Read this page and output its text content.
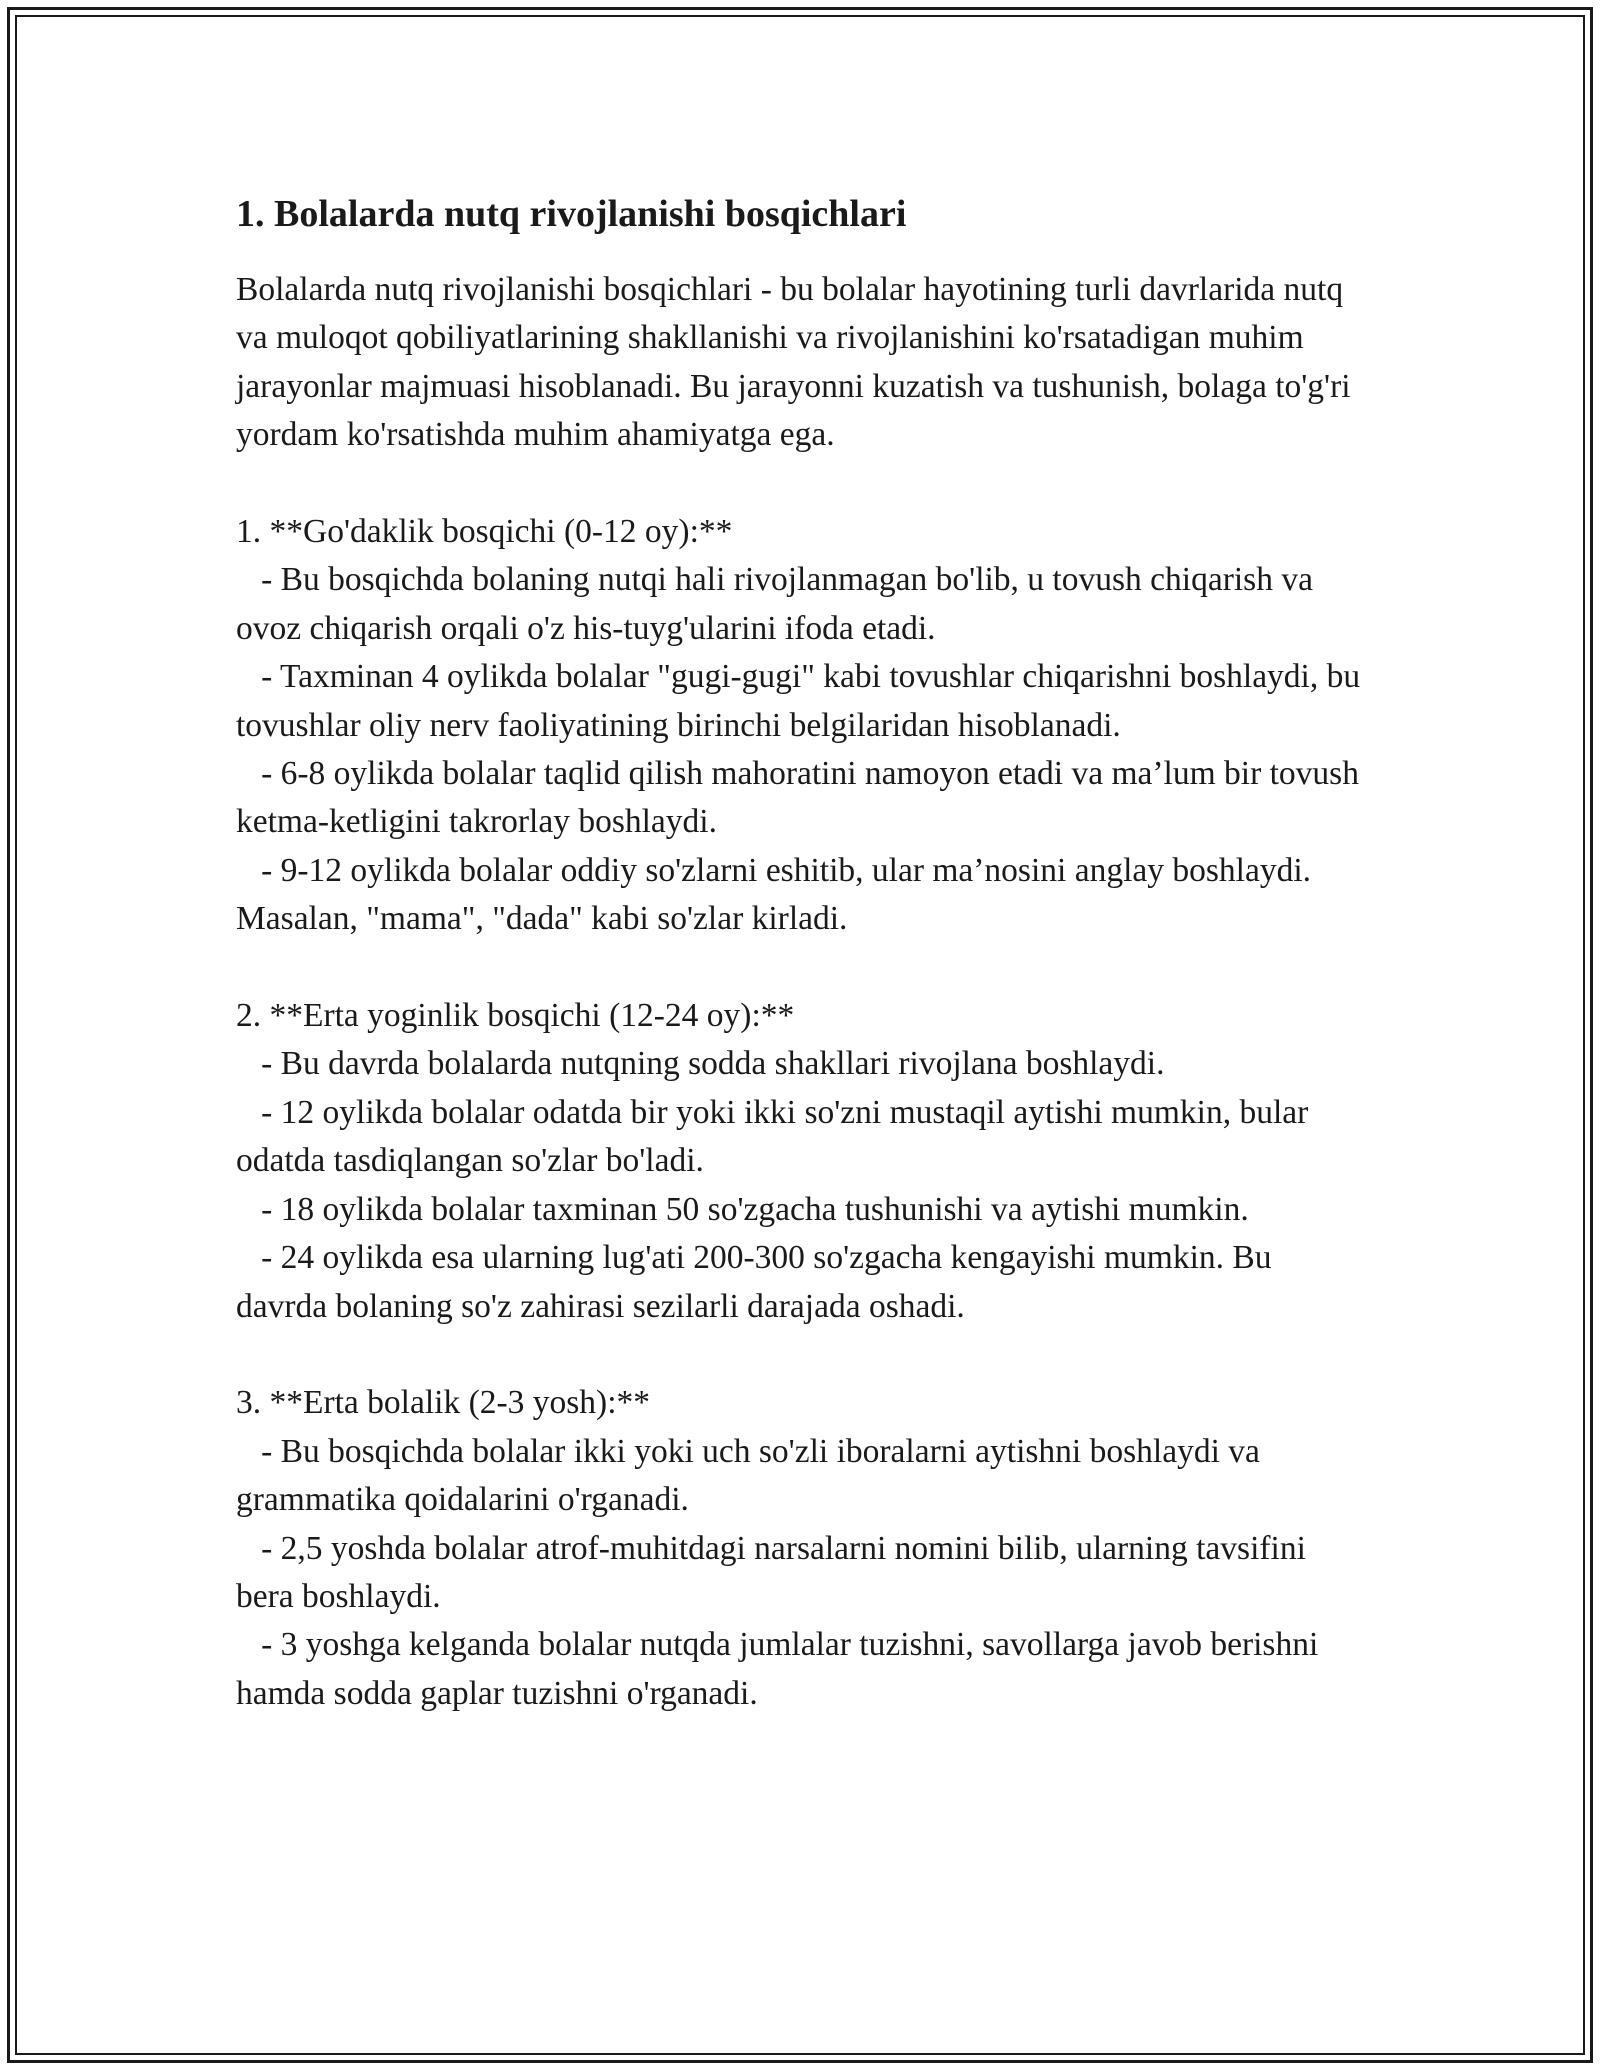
1. Bolalarda nutq rivojlanishi bosqichlari

Bolalarda nutq rivojlanishi bosqichlari - bu bolalar hayotining turli davrlarida nutq va muloqot qobiliyatlarining shakllanishi va rivojlanishini ko'rsatadigan muhim jarayonlar majmuasi hisoblanadi. Bu jarayonni kuzatish va tushunish, bolaga to'g'ri yordam ko'rsatishda muhim ahamiyatga ega.

1. **Go'daklik bosqichi (0-12 oy):**

- Bu bosqichda bolaning nutqi hali rivojlanmagan bo'lib, u tovush chiqarish va ovoz chiqarish orqali o'z his-tuyg'ularini ifoda etadi.

- Taxminan 4 oylikda bolalar "gugi-gugi" kabi tovushlar chiqarishni boshlaydi, bu tovushlar oliy nerv faoliyatining birinchi belgilaridan hisoblanadi.

- 6-8 oylikda bolalar taqlid qilish mahoratini namoyon etadi va ma’lum bir tovush ketma-ketligini takrorlay boshlaydi.

- 9-12 oylikda bolalar oddiy so'zlarni eshitib, ular ma’nosini anglay boshlaydi. Masalan, "mama", "dada" kabi so'zlar kirladi.

2. **Erta yoginlik bosqichi (12-24 oy):**

- Bu davrda bolalarda nutqning sodda shakllari rivojlana boshlaydi.

- 12 oylikda bolalar odatda bir yoki ikki so'zni mustaqil aytishi mumkin, bular odatda tasdiqlangan so'zlar bo'ladi.

- 18 oylikda bolalar taxminan 50 so'zgacha tushunishi va aytishi mumkin.

- 24 oylikda esa ularning lug'ati 200-300 so'zgacha kengayishi mumkin. Bu davrda bolaning so'z zahirasi sezilarli darajada oshadi.

3. **Erta bolalik (2-3 yosh):**

- Bu bosqichda bolalar ikki yoki uch so'zli iboralarni aytishni boshlaydi va grammatika qoidalarini o'rganadi.

- 2,5 yoshda bolalar atrof-muhitdagi narsalarni nomini bilib, ularning tavsifini bera boshlaydi.

- 3 yoshga kelganda bolalar nutqda jumlalar tuzishni, savollarga javob berishni hamda sodda gaplar tuzishni o'rganadi.
